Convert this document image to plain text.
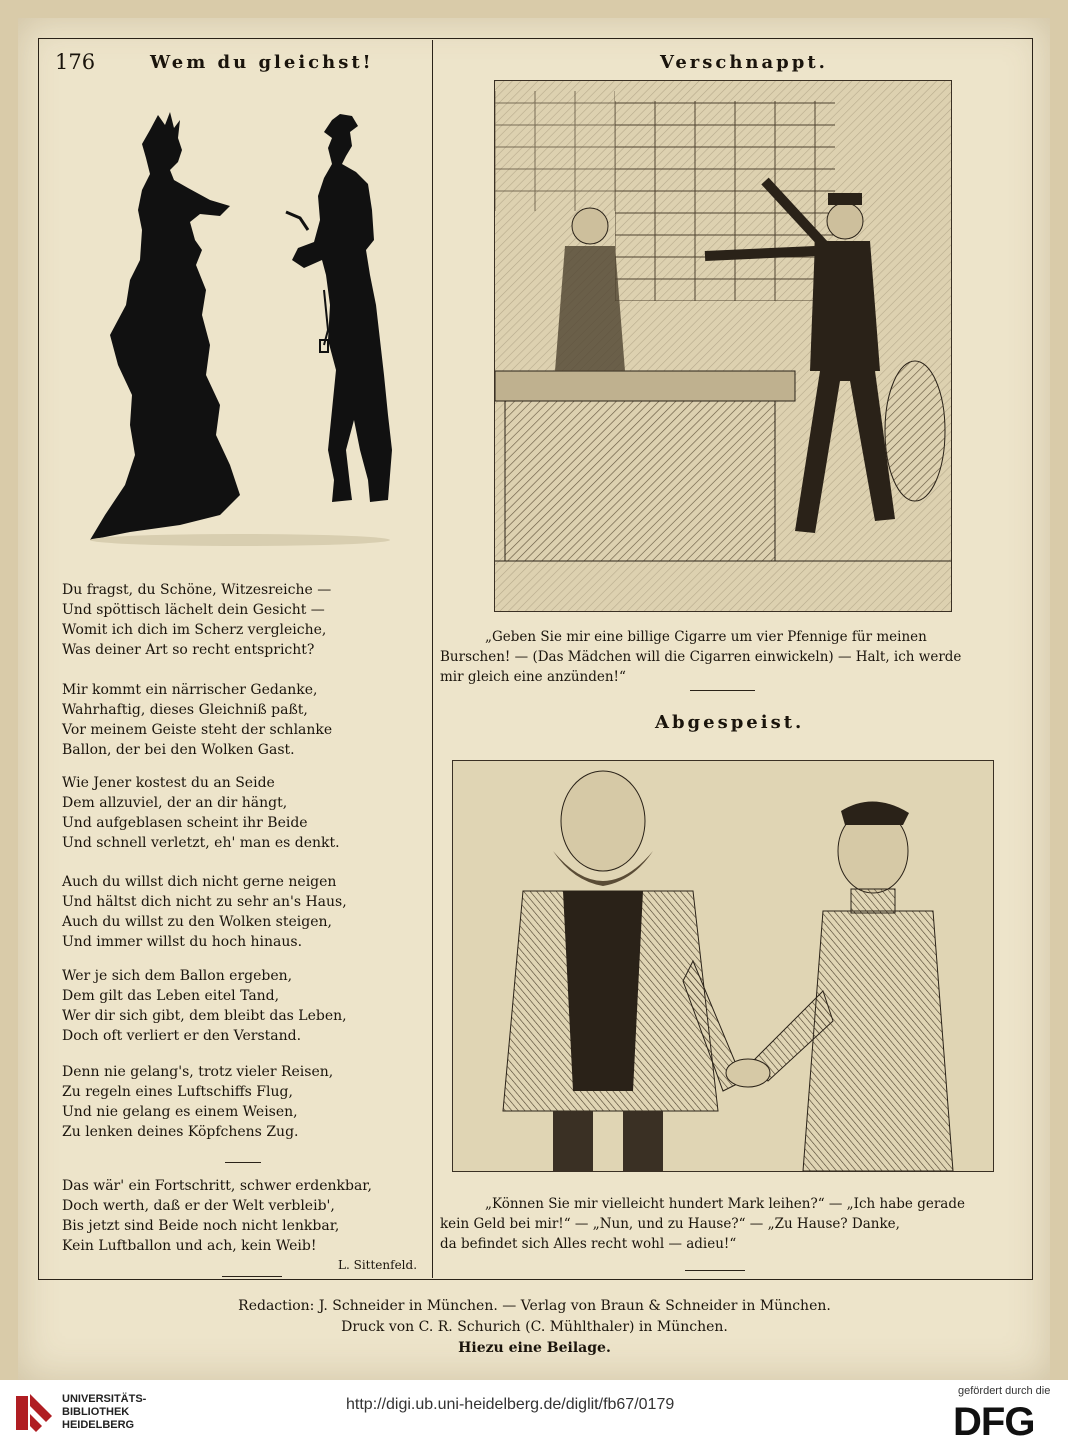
176	Wem du gleichst!	Verschnappt.
Du fragst, du Schöne, Witzesreiche —
Und spöttisch lächelt dein Gesicht —
Womit ich dich im Scherz vergleiche,
Was deiner Art so recht entspricht?
Mir kommt ein närrischer Gedanke,
Wahrhaftig, dieses Gleichniß paßt,
Vor meinem Geiste steht der schlanke
Ballon, der bei den Wolken Gast.
Wie Jener kostest du an Seide
Dem allzuviel, der an dir hängt,
Und aufgeblasen scheint ihr Beide
Und schnell verletzt, eh' man es denkt.
Auch du willst dich nicht gerne neigen
Und hältst dich nicht zu sehr an's Haus,
Auch du willst zu den Wolken steigen,
Und immer willst du hoch hinaus.
Wer je sich dem Ballon ergeben,
Dem gilt das Leben eitel Tand,
Wer dir sich gibt, dem bleibt das Leben,
Doch oft verliert er den Verstand.
Denn nie gelang's, trotz vieler Reisen,
Zu regeln eines Luftschiffs Flug,
Und nie gelang es einem Weisen,
Zu lenken deines Köpfchens Zug.
Das wär' ein Fortschritt, schwer erdenkbar,
Doch werth, daß er der Welt verbleib',
Bis jetzt sind Beide noch nicht lenkbar,
Kein Luftballon und ach, kein Weib!
L. Sittenfeld.
„Geben Sie mir eine billige Cigarre um vier Pfennige für meinen
Burschen! — (Das Mädchen will die Cigarren einwickeln) — Halt, ich werde
mir gleich eine anzünden!“
Abgespeist.
„Können Sie mir vielleicht hundert Mark leihen?“ — „Ich habe gerade
kein Geld bei mir!“ — „Nun, und zu Hause?“ — „Zu Hause? Danke,
da befindet sich Alles recht wohl — adieu!“
Redaction: J. Schneider in München. — Verlag von Braun & Schneider in München.
Druck von C. R. Schurich (C. Mühlthaler) in München.
Hiezu eine Beilage.
UNIVERSITÄTS-
BIBLIOTHEK
HEIDELBERG
http://digi.ub.uni-heidelberg.de/diglit/fb67/0179
gefördert durch die
DFG
